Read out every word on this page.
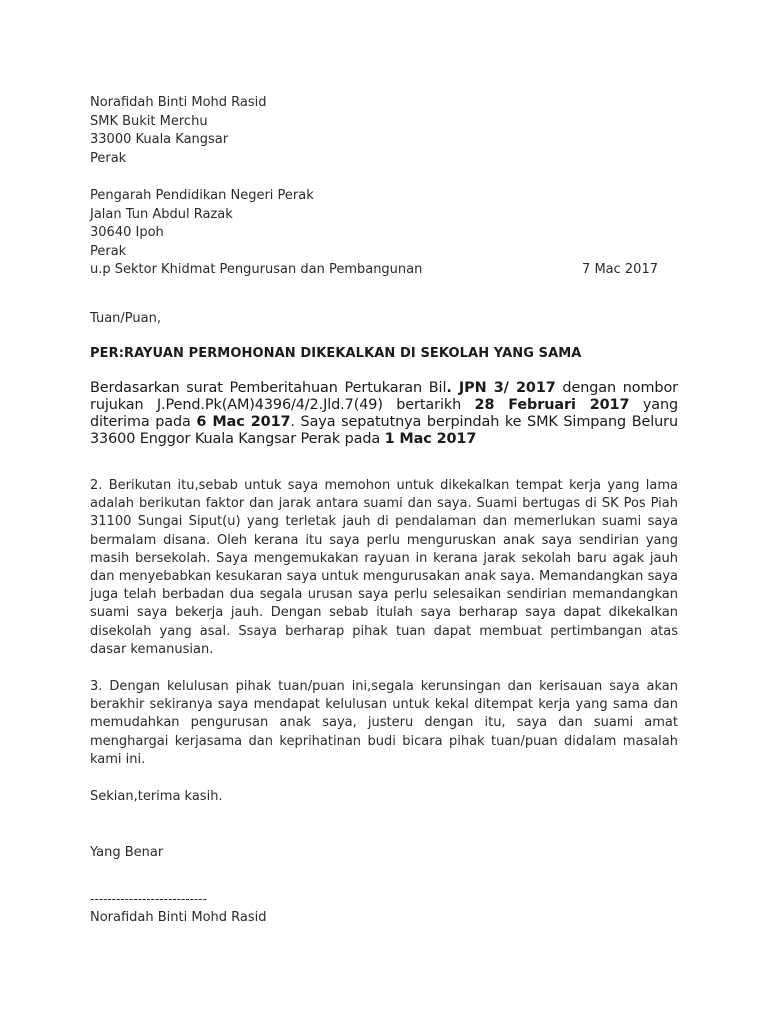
Norafidah Binti Mohd Rasid
SMK Bukit Merchu
33000 Kuala Kangsar
Perak
Pengarah Pendidikan Negeri Perak
Jalan Tun Abdul Razak
30640 Ipoh
Perak
u.p Sektor Khidmat Pengurusan dan Pembangunan	7 Mac 2017
Tuan/Puan,
PER:RAYUAN PERMOHONAN DIKEKALKAN DI SEKOLAH YANG SAMA
Berdasarkan surat Pemberitahuan Pertukaran Bil. JPN 3/ 2017 dengan nombor rujukan J.Pend.Pk(AM)4396/4/2.Jld.7(49) bertarikh 28 Februari 2017 yang diterima pada 6 Mac 2017. Saya sepatutnya berpindah ke SMK Simpang Beluru 33600 Enggor Kuala Kangsar Perak pada 1 Mac 2017
2. Berikutan itu,sebab untuk saya memohon untuk dikekalkan tempat kerja yang lama adalah berikutan faktor dan jarak antara suami dan saya. Suami bertugas di SK Pos Piah 31100 Sungai Siput(u) yang terletak jauh di pendalaman dan memerlukan suami saya bermalam disana. Oleh kerana itu saya perlu menguruskan anak saya sendirian yang masih bersekolah. Saya mengemukakan rayuan in kerana jarak sekolah baru agak jauh dan menyebabkan kesukaran saya untuk mengurusakan anak saya. Memandangkan saya juga telah berbadan dua segala urusan saya perlu selesaikan sendirian memandangkan suami saya bekerja jauh. Dengan sebab itulah saya berharap saya dapat dikekalkan disekolah yang asal. Ssaya berharap pihak tuan dapat membuat pertimbangan atas dasar kemanusian.
3. Dengan kelulusan pihak tuan/puan ini,segala kerunsingan dan kerisauan saya akan berakhir sekiranya saya mendapat kelulusan untuk kekal ditempat kerja yang sama dan memudahkan pengurusan anak saya, justeru dengan itu, saya dan suami amat menghargai kerjasama dan keprihatinan budi bicara pihak tuan/puan didalam masalah kami ini.
Sekian,terima kasih.
Yang Benar
---------------------------
Norafidah Binti Mohd Rasid
